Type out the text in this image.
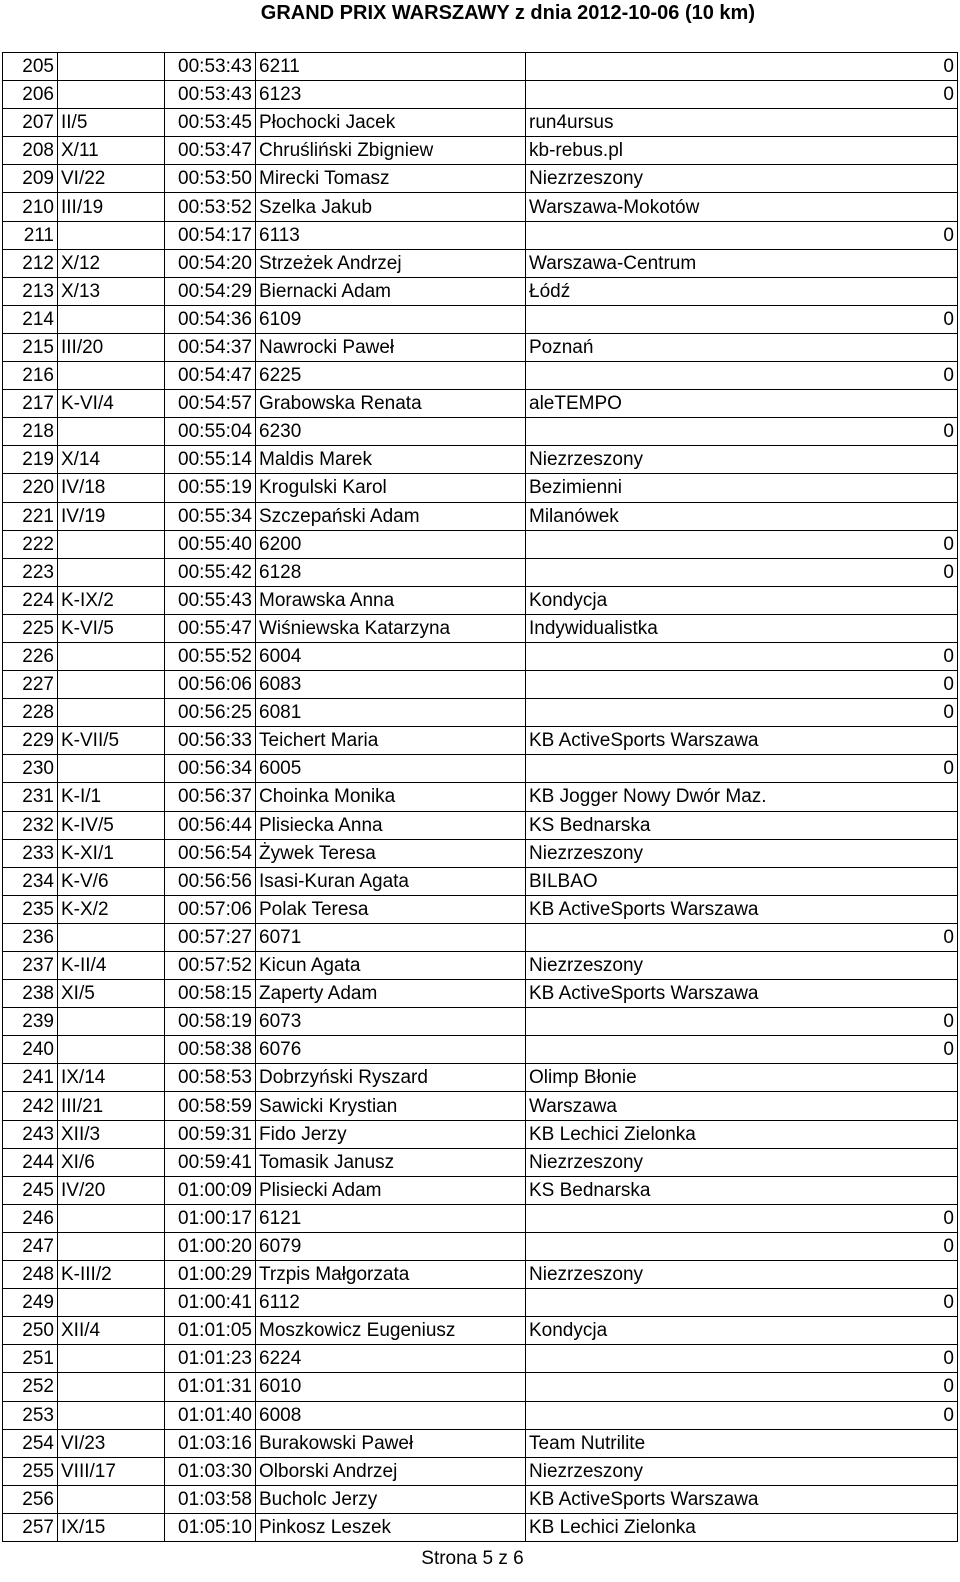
GRAND PRIX WARSZAWY z dnia 2012-10-06 (10 km)
205		00:53:43	6211	0
206		00:53:43	6123	0
207	II/5	00:53:45	Płochocki Jacek	run4ursus
208	X/11	00:53:47	Chruśliński Zbigniew	kb-rebus.pl
209	VI/22	00:53:50	Mirecki Tomasz	Niezrzeszony
210	III/19	00:53:52	Szelka Jakub	Warszawa-Mokotów
211		00:54:17	6113	0
212	X/12	00:54:20	Strzeżek Andrzej	Warszawa-Centrum
213	X/13	00:54:29	Biernacki Adam	Łódź
214		00:54:36	6109	0
215	III/20	00:54:37	Nawrocki Paweł	Poznań
216		00:54:47	6225	0
217	K-VI/4	00:54:57	Grabowska Renata	aleTEMPO
218		00:55:04	6230	0
219	X/14	00:55:14	Maldis Marek	Niezrzeszony
220	IV/18	00:55:19	Krogulski Karol	Bezimienni
221	IV/19	00:55:34	Szczepański Adam	Milanówek
222		00:55:40	6200	0
223		00:55:42	6128	0
224	K-IX/2	00:55:43	Morawska Anna	Kondycja
225	K-VI/5	00:55:47	Wiśniewska Katarzyna	Indywidualistka
226		00:55:52	6004	0
227		00:56:06	6083	0
228		00:56:25	6081	0
229	K-VII/5	00:56:33	Teichert Maria	KB ActiveSports Warszawa
230		00:56:34	6005	0
231	K-I/1	00:56:37	Choinka Monika	KB Jogger Nowy Dwór Maz.
232	K-IV/5	00:56:44	Plisiecka Anna	KS Bednarska
233	K-XI/1	00:56:54	Żywek Teresa	Niezrzeszony
234	K-V/6	00:56:56	Isasi-Kuran Agata	BILBAO
235	K-X/2	00:57:06	Polak Teresa	KB ActiveSports Warszawa
236		00:57:27	6071	0
237	K-II/4	00:57:52	Kicun Agata	Niezrzeszony
238	XI/5	00:58:15	Zaperty Adam	KB ActiveSports Warszawa
239		00:58:19	6073	0
240		00:58:38	6076	0
241	IX/14	00:58:53	Dobrzyński Ryszard	Olimp Błonie
242	III/21	00:58:59	Sawicki Krystian	Warszawa
243	XII/3	00:59:31	Fido Jerzy	KB Lechici Zielonka
244	XI/6	00:59:41	Tomasik Janusz	Niezrzeszony
245	IV/20	01:00:09	Plisiecki Adam	KS Bednarska
246		01:00:17	6121	0
247		01:00:20	6079	0
248	K-III/2	01:00:29	Trzpis Małgorzata	Niezrzeszony
249		01:00:41	6112	0
250	XII/4	01:01:05	Moszkowicz Eugeniusz	Kondycja
251		01:01:23	6224	0
252		01:01:31	6010	0
253		01:01:40	6008	0
254	VI/23	01:03:16	Burakowski Paweł	Team Nutrilite
255	VIII/17	01:03:30	Olborski Andrzej	Niezrzeszony
256		01:03:58	Bucholc Jerzy	KB ActiveSports Warszawa
257	IX/15	01:05:10	Pinkosz Leszek	KB Lechici Zielonka
Strona 5 z 6
